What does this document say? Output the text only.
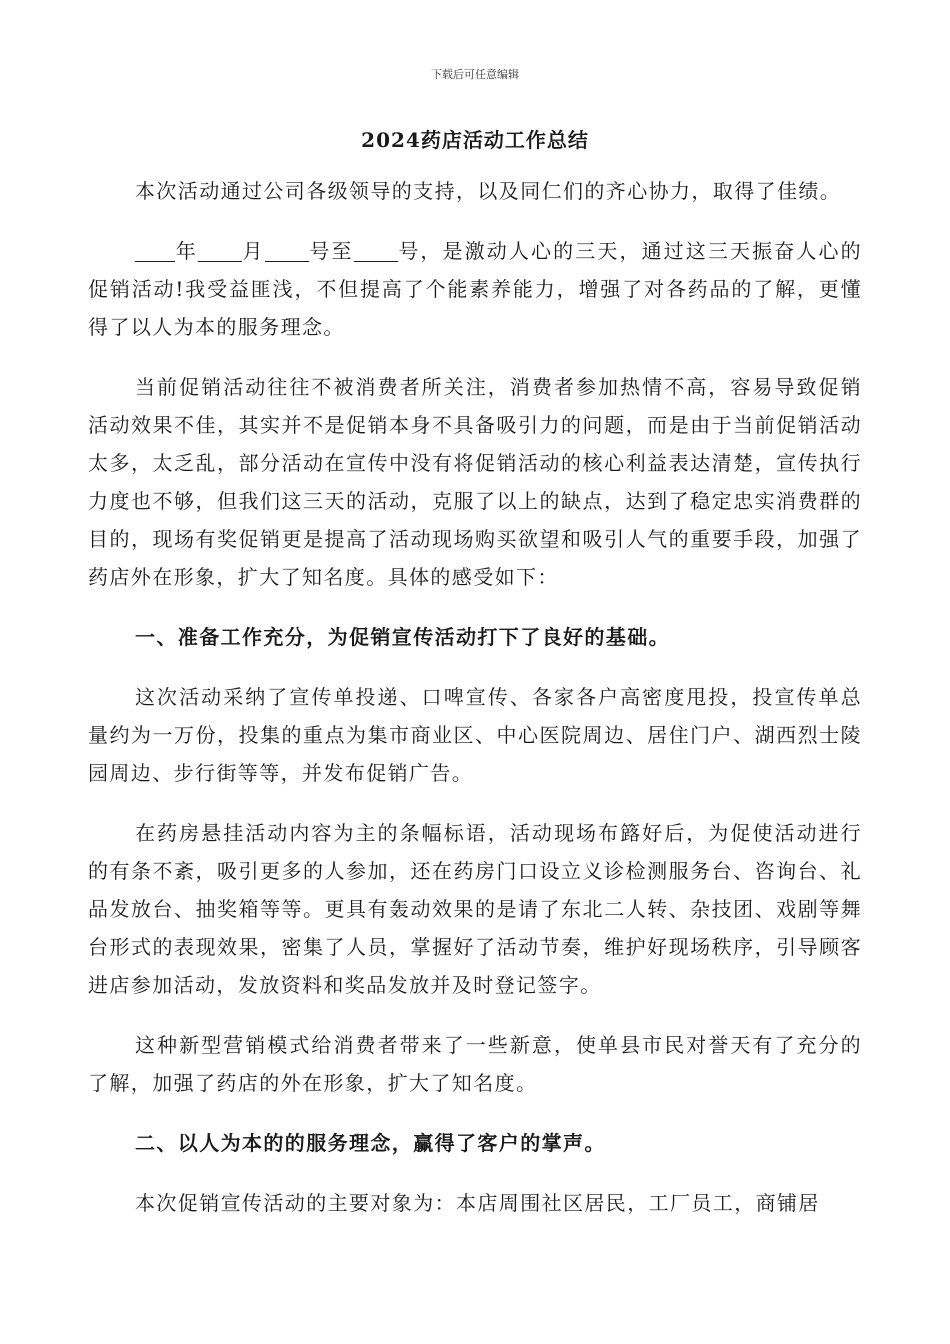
下载后可任意编辑
2024药店活动工作总结

本次活动通过公司各级领导的支持，以及同仁们的齐心协力，取得了佳绩。

年 月 号至 号，是激动人心的三天，通过这三天振奋人心的促销活动!我受益匪浅，不但提高了个能素养能力，增强了对各药品的了解，更懂得了以人为本的服务理念。

当前促销活动往往不被消费者所关注，消费者参加热情不高，容易导致促销活动效果不佳，其实并不是促销本身不具备吸引力的问题，而是由于当前促销活动太多，太乏乱，部分活动在宣传中没有将促销活动的核心利益表达清楚，宣传执行力度也不够，但我们这三天的活动，克服了以上的缺点，达到了稳定忠实消费群的目的，现场有奖促销更是提高了活动现场购买欲望和吸引人气的重要手段，加强了药店外在形象，扩大了知名度。具体的感受如下：

一、准备工作充分，为促销宣传活动打下了良好的基础。

这次活动采纳了宣传单投递、口啤宣传、各家各户高密度甩投，投宣传单总量约为一万份，投集的重点为集市商业区、中心医院周边、居住门户、湖西烈士陵园周边、步行街等等，并发布促销广告。

在药房悬挂活动内容为主的条幅标语，活动现场布簬好后，为促使活动进行的有条不紊，吸引更多的人参加，还在药房门口设立义诊检测服务台、咨询台、礼品发放台、抽奖箱等等。更具有轰动效果的是请了东北二人转、杂技团、戏剧等舞台形式的表现效果，密集了人员，掌握好了活动节奏，维护好现场秩序，引导顾客进店参加活动，发放资料和奖品发放并及时登记签字。

这种新型营销模式给消费者带来了一些新意，使单县市民对誉天有了充分的了解，加强了药店的外在形象，扩大了知名度。

二、以人为本的的服务理念，赢得了客户的掌声。

本次促销宣传活动的主要对象为：本店周围社区居民，工厂员工，商铺居
